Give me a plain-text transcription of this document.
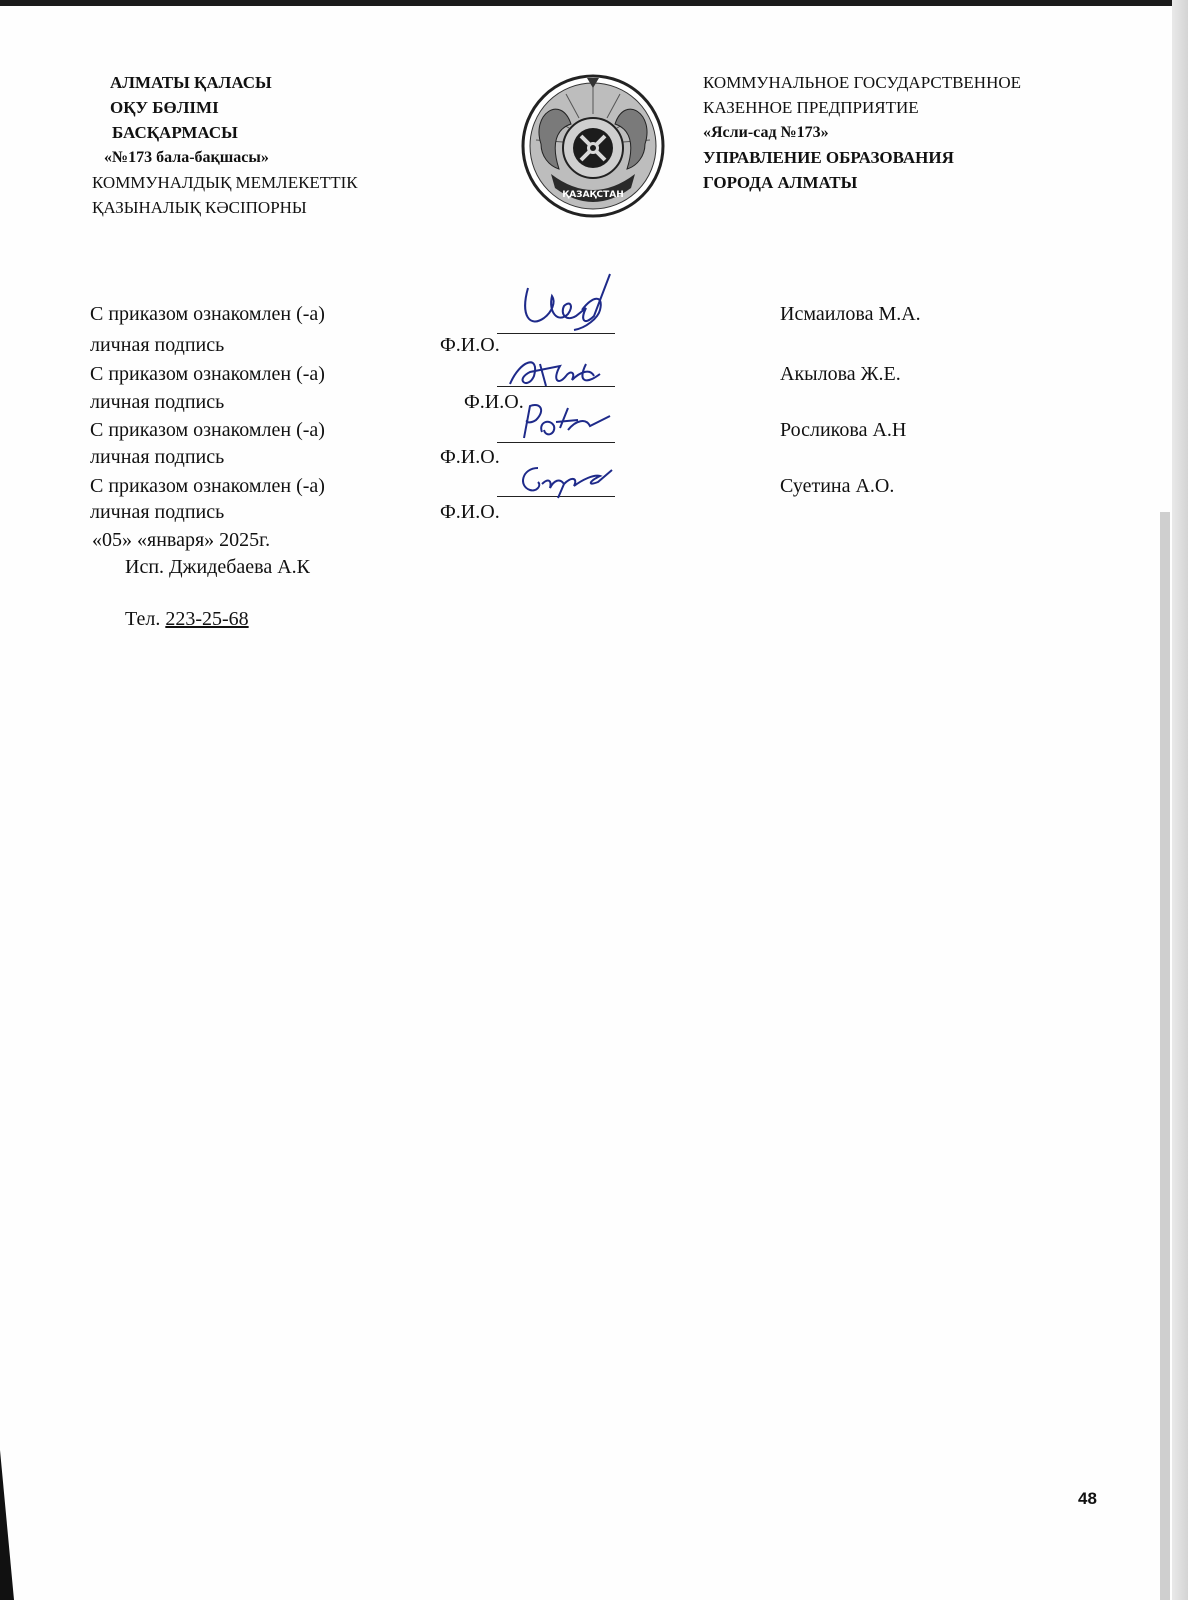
АЛМАТЫ ҚАЛАСЫ
ОҚУ БӨЛІМІ
БАСҚАРМАСЫ
«№173 бала-бақшасы»
КОММУНАЛДЫҚ МЕМЛЕКЕТТІК
ҚАЗЫНАЛЫҚ КӘСІПОРНЫ
ҚАЗАҚСТАН
КОММУНАЛЬНОЕ ГОСУДАРСТВЕННОЕ
КАЗЕННОЕ ПРЕДПРИЯТИЕ
«Ясли-сад №173»
УПРАВЛЕНИЕ ОБРАЗОВАНИЯ
ГОРОДА АЛМАТЫ
С приказом ознакомлен (-а)	Исмаилова М.А.
личная подпись	Ф.И.О.
С приказом ознакомлен (-а)	Акылова Ж.Е.
личная подпись	Ф.И.О.
С приказом ознакомлен (-а)	Росликова А.Н
личная подпись	Ф.И.О.
С приказом ознакомлен (-а)	Суетина А.О.
личная подпись	Ф.И.О.
«05» «января» 2025г.
Исп. Джидебаева А.К
Тел. 223-25-68
48
